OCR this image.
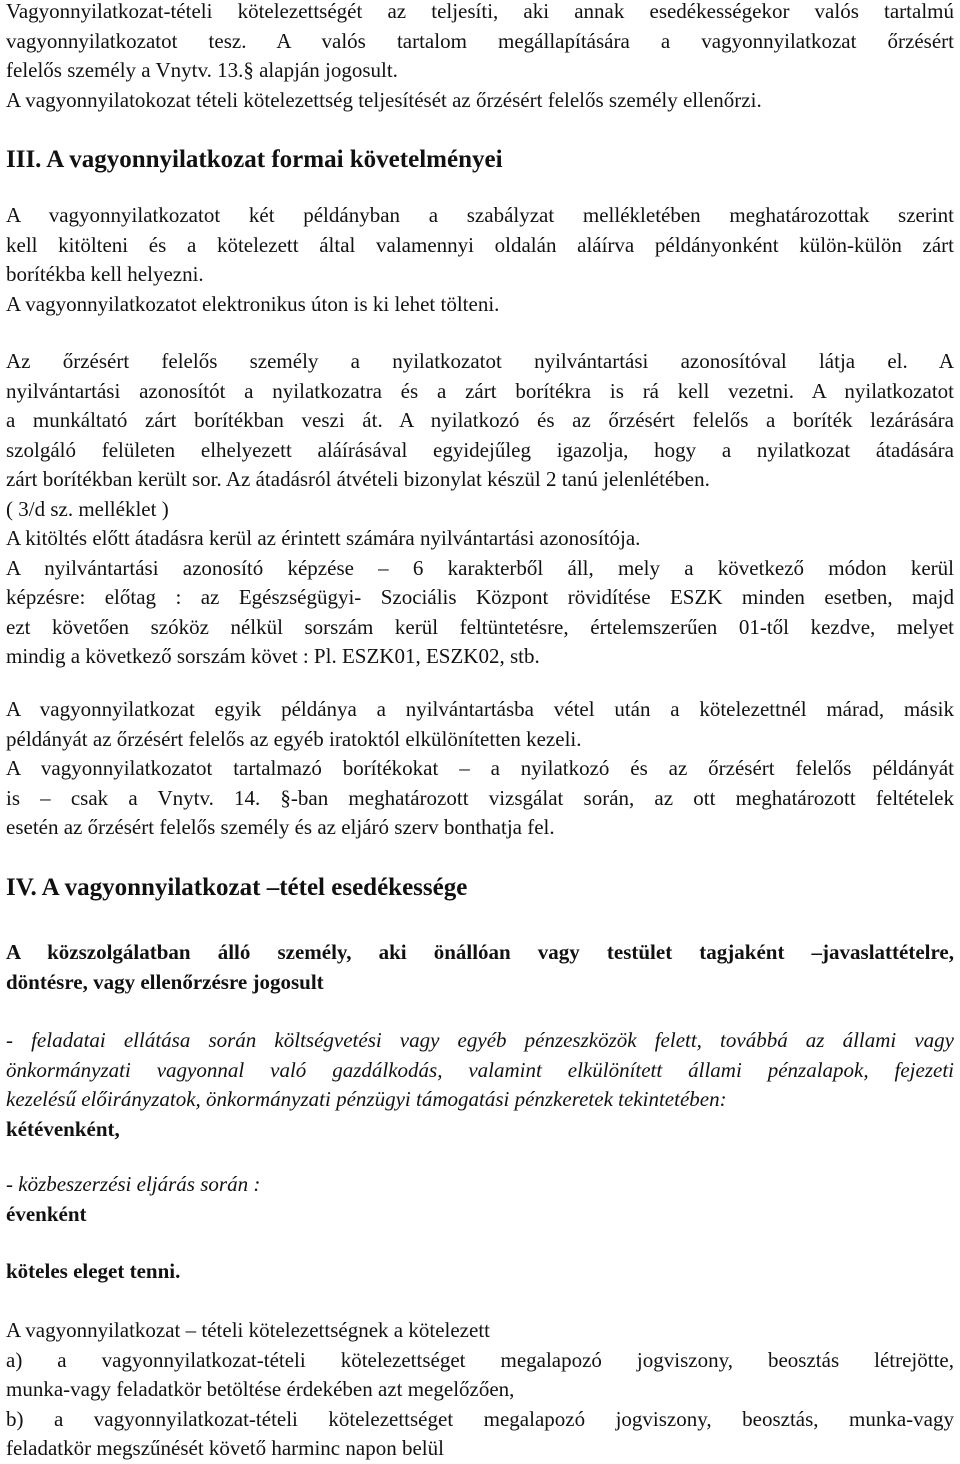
Vagyonnyilatkozat-tételi kötelezettségét az teljesíti, aki annak esedékességekor valós tartalmú

vagyonnyilatkozatot tesz. A valós tartalom megállapítására a vagyonnyilatkozat őrzésért

felelős személy a Vnytv. 13.§ alapján jogosult.

A vagyonnyilatokozat tételi kötelezettség teljesítését az őrzésért felelős személy ellenőrzi.

III. A vagyonnyilatkozat formai követelményei

A vagyonnyilatkozatot két példányban a szabályzat mellékletében meghatározottak szerint

kell kitölteni és a kötelezett által valamennyi oldalán aláírva példányonként külön-külön zárt

borítékba kell helyezni.

A vagyonnyilatkozatot elektronikus úton is ki lehet tölteni.

Az őrzésért felelős személy a nyilatkozatot nyilvántartási azonosítóval látja el. A

nyilvántartási azonosítót a nyilatkozatra és a zárt borítékra is rá kell vezetni. A nyilatkozatot

a munkáltató zárt borítékban veszi át. A nyilatkozó és az őrzésért felelős a boríték lezárására

szolgáló felületen elhelyezett aláírásával egyidejűleg igazolja, hogy a nyilatkozat átadására

zárt borítékban került sor. Az átadásról átvételi bizonylat készül 2 tanú jelenlétében.

( 3/d sz. melléklet )

A kitöltés előtt átadásra kerül az érintett számára nyilvántartási azonosítója.

A nyilvántartási azonosító képzése – 6 karakterből áll, mely a következő módon kerül

képzésre: előtag : az Egészségügyi- Szociális Központ rövidítése ESZK minden esetben, majd

ezt követően szóköz nélkül sorszám kerül feltüntetésre, értelemszerűen 01-től kezdve, melyet

mindig a következő sorszám követ : Pl. ESZK01, ESZK02, stb.

A vagyonnyilatkozat egyik példánya a nyilvántartásba vétel után a kötelezettnél márad, másik

példányát az őrzésért felelős az egyéb iratoktól elkülönítetten kezeli.

A vagyonnyilatkozatot tartalmazó borítékokat – a nyilatkozó és az őrzésért felelős példányát

is – csak a Vnytv. 14. §-ban meghatározott vizsgálat során, az ott meghatározott feltételek

esetén az őrzésért felelős személy és az eljáró szerv bonthatja fel.

IV. A vagyonnyilatkozat –tétel esedékessége

A közszolgálatban álló személy, aki önállóan vagy testület tagjaként –javaslattételre,

döntésre, vagy ellenőrzésre jogosult

- feladatai ellátása során költségvetési vagy egyéb pénzeszközök felett, továbbá az állami vagy

önkormányzati vagyonnal való gazdálkodás, valamint elkülönített állami pénzalapok, fejezeti

kezelésű előirányzatok, önkormányzati pénzügyi támogatási pénzkeretek tekintetében:

kétévenként,

- közbeszerzési eljárás során :

évenként

köteles eleget tenni.

A vagyonnyilatkozat – tételi kötelezettségnek a kötelezett

a) a vagyonnyilatkozat-tételi kötelezettséget megalapozó jogviszony, beosztás létrejötte,

munka-vagy feladatkör betöltése érdekében azt megelőzően,

b) a vagyonnyilatkozat-tételi kötelezettséget megalapozó jogviszony, beosztás, munka-vagy

feladatkör megszűnését követő harminc napon belül
